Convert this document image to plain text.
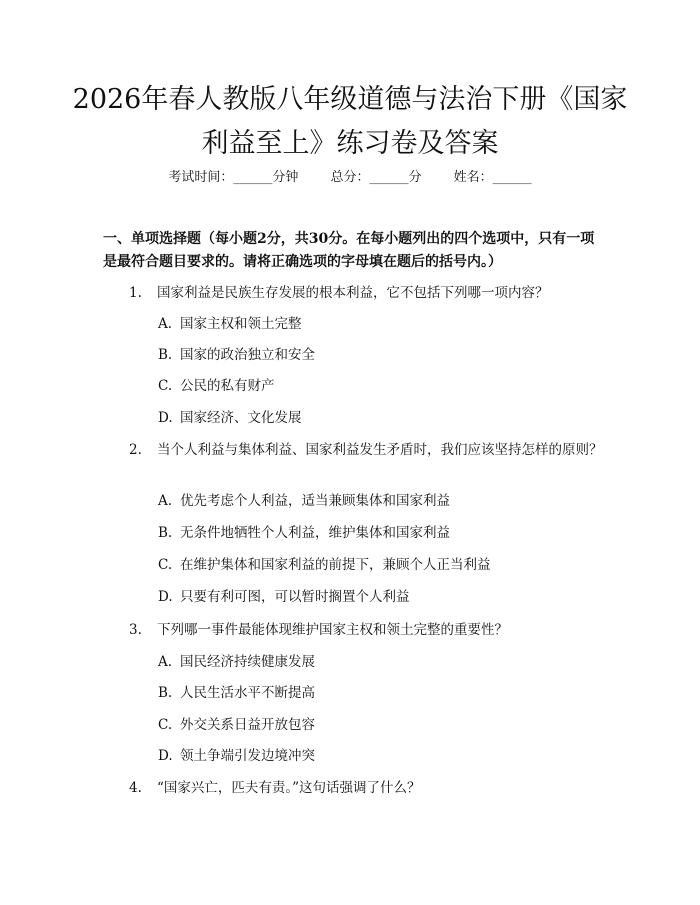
2026年春人教版八年级道德与法治下册《国家利益至上》练习卷及答案
考试时间：______分钟 总分：______分 姓名：______
一、单项选择题（每小题2分，共30分。在每小题列出的四个选项中，只有一项是最符合题目要求的。请将正确选项的字母填在题后的括号内。）
1. 国家利益是民族生存发展的根本利益，它不包括下列哪一项内容？
A. 国家主权和领土完整
B. 国家的政治独立和安全
C. 公民的私有财产
D. 国家经济、文化发展
2. 当个人利益与集体利益、国家利益发生矛盾时，我们应该坚持怎样的原则？
A. 优先考虑个人利益，适当兼顾集体和国家利益
B. 无条件地牺牲个人利益，维护集体和国家利益
C. 在维护集体和国家利益的前提下，兼顾个人正当利益
D. 只要有利可图，可以暂时搁置个人利益
3. 下列哪一事件最能体现维护国家主权和领土完整的重要性？
A. 国民经济持续健康发展
B. 人民生活水平不断提高
C. 外交关系日益开放包容
D. 领土争端引发边境冲突
4. “国家兴亡，匹夫有责。”这句话强调了什么？
